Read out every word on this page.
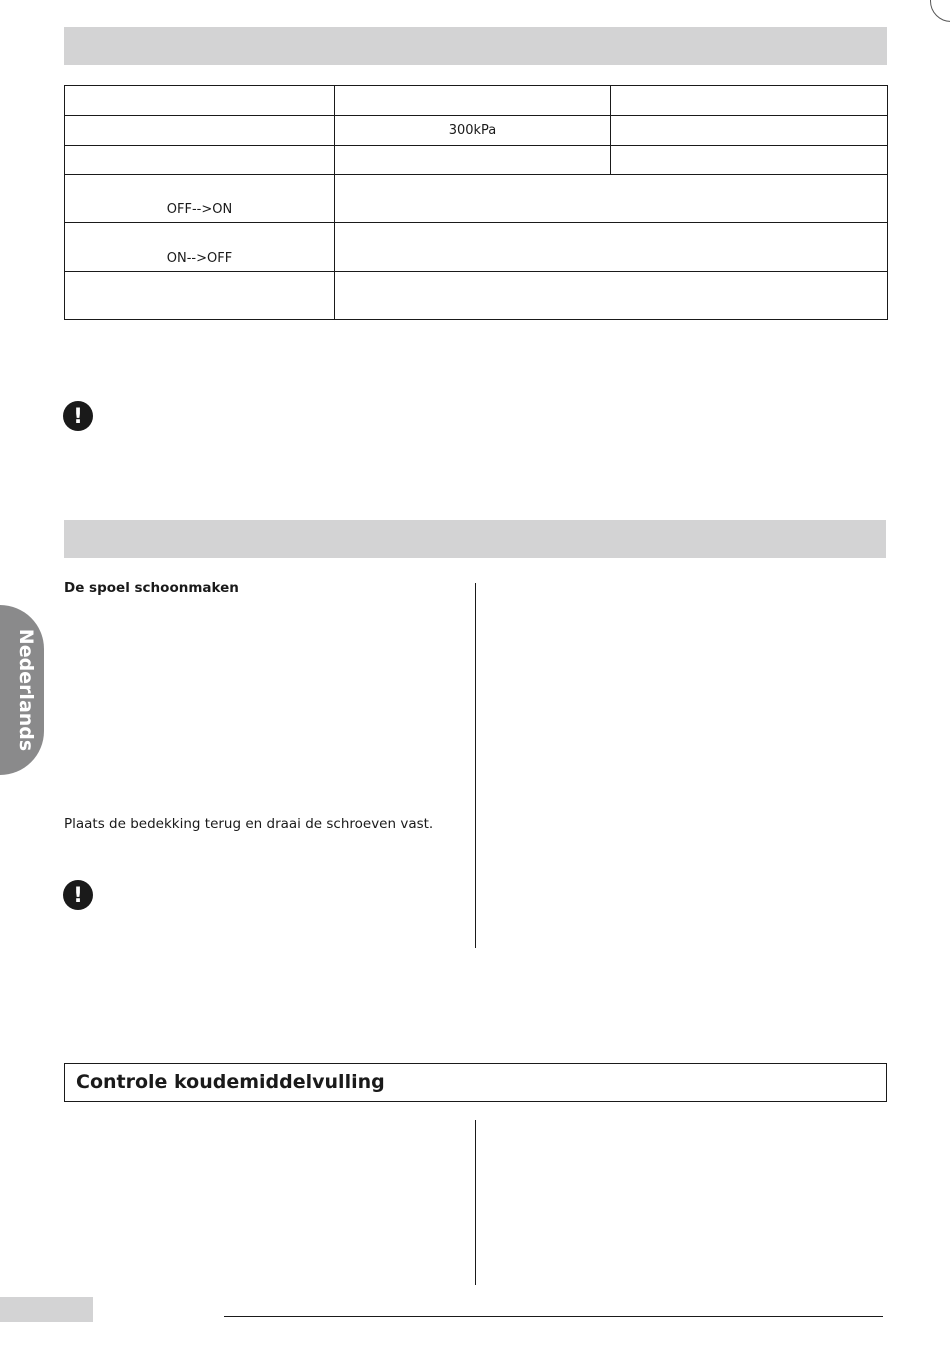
	300kPa	

OFF-->ON		
ON-->OFF		

!
De spoel schoonmaken
Plaats de bedekking terug en draai de schroeven vast.
!
Nederlands
Controle koudemiddelvulling
